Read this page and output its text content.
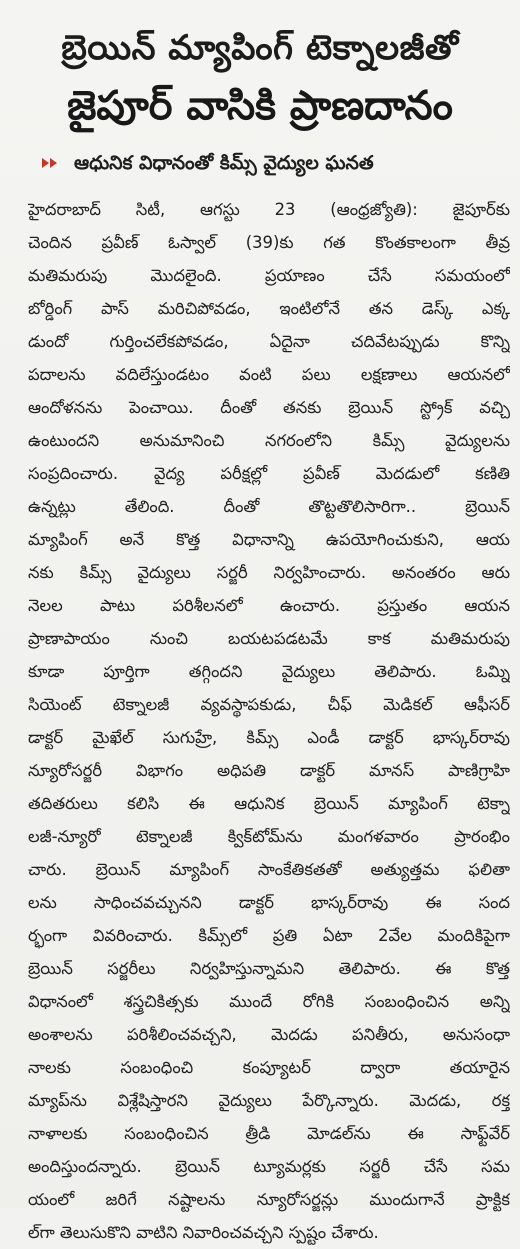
బ్రెయిన్ మ్యాపింగ్ టెక్నాలజీతో
జైపూర్ వాసికి ప్రాణదానం
ఆధునిక విధానంతో కిమ్స్ వైద్యుల ఘనత
హైదరాబాద్ సిటీ, ఆగస్టు 23 (ఆంధ్రజ్యోతి): జైపూర్‌కు
చెందిన ప్రవీణ్ ఓస్వాల్ (39)కు గత కొంతకాలంగా తీవ్ర
మతిమరుపు మొదలైంది. ప్రయాణం చేసే సమయంలో
బోర్డింగ్ పాస్ మరిచిపోవడం, ఇంటిలోనే తన డెస్క్ ఎక్క
డుందో గుర్తించలేకపోవడం, ఏదైనా చదివేటప్పుడు కొన్ని
పదాలను వదిలేస్తుండటం వంటి పలు లక్షణాలు ఆయనలో
ఆందోళనను పెంచాయి. దీంతో తనకు బ్రెయిన్ స్ట్రోక్ వచ్చి
ఉంటుందని అనుమానించి నగరంలోని కిమ్స్ వైద్యులను
సంప్రదించారు. వైద్య పరీక్షల్లో ప్రవీణ్ మెదడులో కణితి
ఉన్నట్లు తేలింది. దీంతో తొట్టతొలిసారిగా.. బ్రెయిన్
మ్యాపింగ్ అనే కొత్త విధానాన్ని ఉపయోగించుకుని, ఆయ
నకు కిమ్స్ వైద్యులు సర్జరీ నిర్వహించారు. అనంతరం ఆరు
నెలల పాటు పరిశీలనలో ఉంచారు. ప్రస్తుతం ఆయన
ప్రాణాపాయం నుంచి బయటపడటమే కాక మతిమరుపు
కూడా పూర్తిగా తగ్గిందని వైద్యులు తెలిపారు. ఓమ్ని
సియెంట్ టెక్నాలజీ వ్యవస్థాపకుడు, చీఫ్ మెడికల్ ఆఫీసర్
డాక్టర్ మైఖేల్ సుగుహ్రే, కిమ్స్ ఎండీ డాక్టర్ భాస్కర్‌రావు
న్యూరోసర్జరీ విభాగం అధిపతి డాక్టర్ మానస్ పాణిగ్రాహి
తదితరులు కలిసి ఈ ఆధునిక బ్రెయిన్ మ్యాపింగ్ టెక్నా
లజీ-న్యూరో టెక్నాలజీ క్విక్‌టోమ్‌ను మంగళవారం ప్రారంభిం
చారు. బ్రెయిన్ మ్యాపింగ్ సాంకేతికతతో అత్యుత్తమ ఫలితా
లను సాధించవచ్చునని డాక్టర్ భాస్కర్‌రావు ఈ సంద
ర్భంగా వివరించారు. కిమ్స్‌లో ప్రతి ఏటా 2వేల మందికిపైగా
బ్రెయిన్ సర్జరీలు నిర్వహిస్తున్నామని తెలిపారు. ఈ కొత్త
విధానంలో శస్త్రచికిత్సకు ముందే రోగికి సంబంధించిన అన్ని
అంశాలను పరిశీలించవచ్చని, మెదడు పనితీరు, అనుసంధా
నాలకు సంబంధించి కంప్యూటర్ ద్వారా తయారైన
మ్యాప్‌ను విశ్లేషిస్తారని వైద్యులు పేర్కొన్నారు. మెదడు, రక్త
నాళాలకు సంబంధించిన త్రీడి మోడల్‌ను ఈ సాఫ్ట్‌వేర్
అందిస్తుందన్నారు. బ్రెయిన్ ట్యూమర్లకు సర్జరీ చేసే సమ
యంలో జరిగే నష్టాలను న్యూరోసర్జన్లు ముందుగానే ప్రాక్టిక
ల్‌గా తెలుసుకొని వాటిని నివారించవచ్చని స్పష్టం చేశారు.
